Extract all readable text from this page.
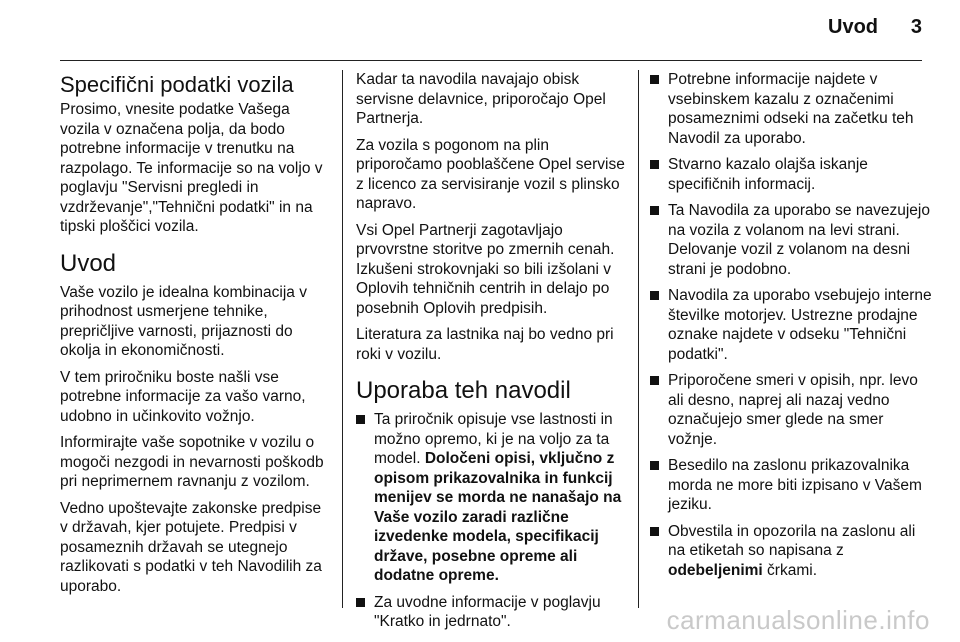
Uvod 3
Specifični podatki vozila

Prosimo, vnesite podatke Vašega vozila v označena polja, da bodo potrebne informacije v trenutku na razpolago. Te informacije so na voljo v poglavju "Servisni pregledi in vzdrževanje","Tehnični podatki" in na tipski ploščici vozila.

Uvod

Vaše vozilo je idealna kombinacija v prihodnost usmerjene tehnike, prepričljive varnosti, prijaznosti do okolja in ekonomičnosti.

V tem priročniku boste našli vse potrebne informacije za vašo varno, udobno in učinkovito vožnjo.

Informirajte vaše sopotnike v vozilu o mogoči nezgodi in nevarnosti poškodb pri neprimernem ravnanju z vozilom.

Vedno upoštevajte zakonske predpise v državah, kjer potujete. Predpisi v posameznih državah se utegnejo razlikovati s podatki v teh Navodilih za uporabo.

Kadar ta navodila navajajo obisk servisne delavnice, priporočajo Opel Partnerja.

Za vozila s pogonom na plin priporočamo pooblaščene Opel servise z licenco za servisiranje vozil s plinsko napravo.

Vsi Opel Partnerji zagotavljajo prvovrstne storitve po zmernih cenah. Izkušeni strokovnjaki so bili izšolani v Oplovih tehničnih centrih in delajo po posebnih Oplovih predpisih.

Literatura za lastnika naj bo vedno pri roki v vozilu.

Uporaba teh navodil
Ta priročnik opisuje vse lastnosti in možno opremo, ki je na voljo za ta model. Določeni opisi, vključno z opisom prikazovalnika in funkcij menijev se morda ne nanašajo na Vaše vozilo zaradi različne izvedenke modela, specifikacij države, posebne opreme ali dodatne opreme.
Za uvodne informacije v poglavju "Kratko in jedrnato".
Potrebne informacije najdete v vsebinskem kazalu z označenimi posameznimi odseki na začetku teh Navodil za uporabo.
Stvarno kazalo olajša iskanje specifičnih informacij.
Ta Navodila za uporabo se navezujejo na vozila z volanom na levi strani. Delovanje vozil z volanom na desni strani je podobno.
Navodila za uporabo vsebujejo interne številke motorjev. Ustrezne prodajne oznake najdete v odseku "Tehnični podatki".
Priporočene smeri v opisih, npr. levo ali desno, naprej ali nazaj vedno označujejo smer glede na smer vožnje.
Besedilo na zaslonu prikazovalnika morda ne more biti izpisano v Vašem jeziku.
Obvestila in opozorila na zaslonu ali na etiketah so napisana z odebeljenimi črkami.
carmanualsonline.info
